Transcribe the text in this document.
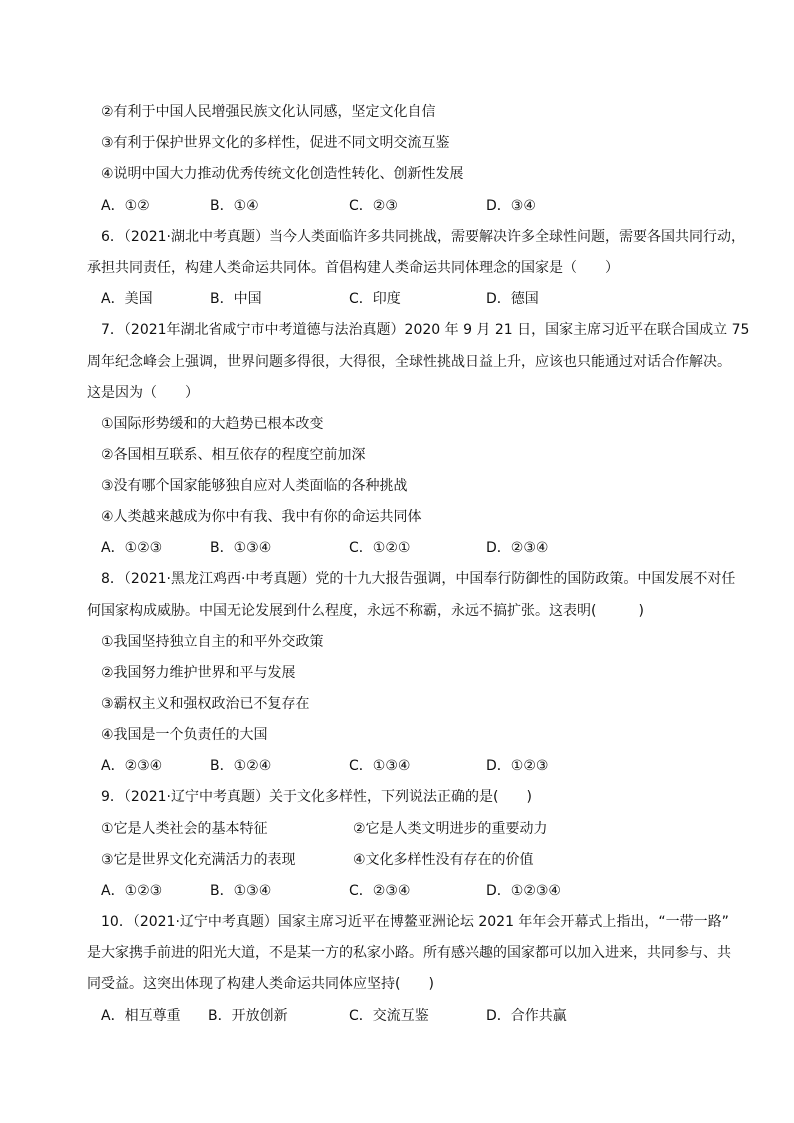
②有利于中国人民增强民族文化认同感，坚定文化自信
③有利于保护世界文化的多样性，促进不同文明交流互鉴
④说明中国大力推动优秀传统文化创造性转化、创新性发展
A．①②	B．①④	C．②③	D．③④
6．（2021·湖北中考真题）当今人类面临许多共同挑战，需要解决许多全球性问题，需要各国共同行动，
承担共同责任，构建人类命运共同体。首倡构建人类命运共同体理念的国家是（　　）
A．美国	B．中国	C．印度	D．德国
7．（2021年湖北省咸宁市中考道德与法治真题）2020 年 9 月 21 日，国家主席习近平在联合国成立 75
周年纪念峰会上强调，世界问题多得很，大得很，全球性挑战日益上升，应该也只能通过对话合作解决。
这是因为（　　）
①国际形势缓和的大趋势已根本改变
②各国相互联系、相互依存的程度空前加深
③没有哪个国家能够独自应对人类面临的各种挑战
④人类越来越成为你中有我、我中有你的命运共同体
A．①②③	B．①③④	C．①②①	D．②③④
8．（2021·黑龙江鸡西·中考真题）党的十九大报告强调，中国奉行防御性的国防政策。中国发展不对任
何国家构成威胁。中国无论发展到什么程度，永远不称霸，永远不搞扩张。这表明(　　　)
①我国坚持独立自主的和平外交政策
②我国努力维护世界和平与发展
③霸权主义和强权政治已不复存在
④我国是一个负责任的大国
A．②③④	B．①②④	C．①③④	D．①②③
9．（2021·辽宁中考真题）关于文化多样性，下列说法正确的是(　　)
①它是人类社会的基本特征	②它是人类文明进步的重要动力
③它是世界文化充满活力的表现	④文化多样性没有存在的价值
A．①②③	B．①③④	C．②③④	D．①②③④
10．（2021·辽宁中考真题）国家主席习近平在博鳌亚洲论坛 2021 年年会开幕式上指出，“一带一路”
是大家携手前进的阳光大道，不是某一方的私家小路。所有感兴趣的国家都可以加入进来，共同参与、共
同受益。这突出体现了构建人类命运共同体应坚持(　　)
A．相互尊重 B．开放创新	C．交流互鉴	D．合作共赢
